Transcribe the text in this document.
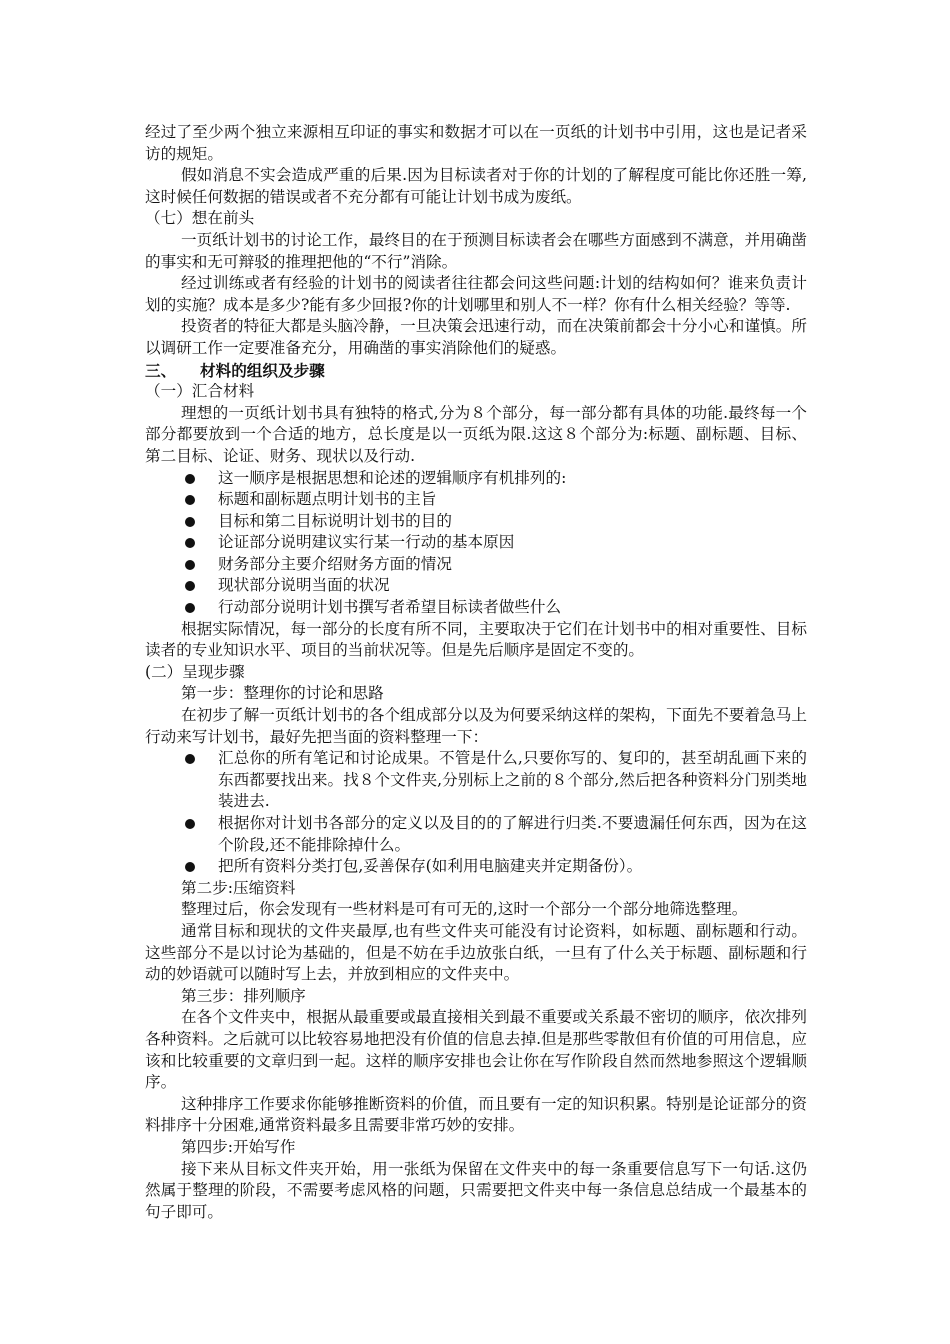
经过了至少两个独立来源相互印证的事实和数据才可以在一页纸的计划书中引用，这也是记者采访的规矩。

假如消息不实会造成严重的后果.因为目标读者对于你的计划的了解程度可能比你还胜一筹,这时候任何数据的错误或者不充分都有可能让计划书成为废纸。

（七）想在前头

一页纸计划书的讨论工作，最终目的在于预测目标读者会在哪些方面感到不满意，并用确凿的事实和无可辩驳的推理把他的“不行”消除。

经过训练或者有经验的计划书的阅读者往往都会问这些问题:计划的结构如何？谁来负责计划的实施？成本是多少?能有多少回报?你的计划哪里和别人不一样？你有什么相关经验？等等.

投资者的特征大都是头脑冷静，一旦决策会迅速行动，而在决策前都会十分小心和谨慎。所以调研工作一定要准备充分，用确凿的事实消除他们的疑惑。

三、 材料的组织及步骤

（一）汇合材料

理想的一页纸计划书具有独特的格式,分为８个部分，每一部分都有具体的功能.最终每一个部分都要放到一个合适的地方，总长度是以一页纸为限.这这８个部分为:标题、副标题、目标、第二目标、论证、财务、现状以及行动.

这一顺序是根据思想和论述的逻辑顺序有机排列的:
标题和副标题点明计划书的主旨
目标和第二目标说明计划书的目的
论证部分说明建议实行某一行动的基本原因
财务部分主要介绍财务方面的情况
现状部分说明当面的状况
行动部分说明计划书撰写者希望目标读者做些什么

根据实际情况，每一部分的长度有所不同，主要取决于它们在计划书中的相对重要性、目标读者的专业知识水平、项目的当前状况等。但是先后顺序是固定不变的。

(二）呈现步骤

第一步：整理你的讨论和思路

在初步了解一页纸计划书的各个组成部分以及为何要采纳这样的架构，下面先不要着急马上行动来写计划书，最好先把当面的资料整理一下：

汇总你的所有笔记和讨论成果。不管是什么,只要你写的、复印的，甚至胡乱画下来的东西都要找出来。找８个文件夹,分别标上之前的８个部分,然后把各种资料分门别类地装进去.
根据你对计划书各部分的定义以及目的的了解进行归类.不要遗漏任何东西，因为在这个阶段,还不能排除掉什么。
把所有资料分类打包,妥善保存(如利用电脑建夹并定期备份）。

第二步:压缩资料

整理过后，你会发现有一些材料是可有可无的,这时一个部分一个部分地筛选整理。

通常目标和现状的文件夹最厚,也有些文件夹可能没有讨论资料，如标题、副标题和行动。这些部分不是以讨论为基础的，但是不妨在手边放张白纸，一旦有了什么关于标题、副标题和行动的妙语就可以随时写上去，并放到相应的文件夹中。

第三步：排列顺序

在各个文件夹中，根据从最重要或最直接相关到最不重要或关系最不密切的顺序，依次排列各种资料。之后就可以比较容易地把没有价值的信息去掉.但是那些零散但有价值的可用信息，应该和比较重要的文章归到一起。这样的顺序安排也会让你在写作阶段自然而然地参照这个逻辑顺序。

这种排序工作要求你能够推断资料的价值，而且要有一定的知识积累。特别是论证部分的资料排序十分困难,通常资料最多且需要非常巧妙的安排。

第四步:开始写作

接下来从目标文件夹开始，用一张纸为保留在文件夹中的每一条重要信息写下一句话.这仍然属于整理的阶段，不需要考虑风格的问题，只需要把文件夹中每一条信息总结成一个最基本的句子即可。
